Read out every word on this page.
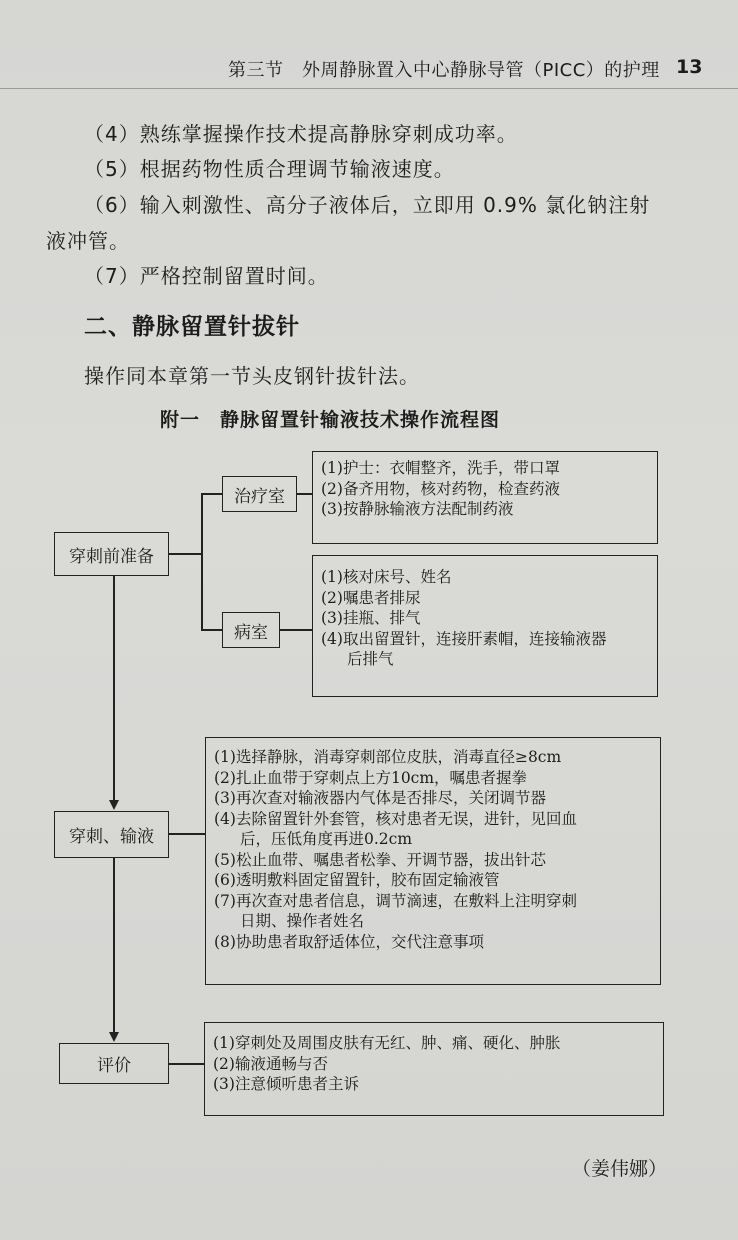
第三节　外周静脉置入中心静脉导管（PICC）的护理 13
（4）熟练掌握操作技术提高静脉穿刺成功率。
（5）根据药物性质合理调节输液速度。
（6）输入刺激性、高分子液体后，立即用 0.9% 氯化钠注射
液冲管。
（7）严格控制留置时间。
二、静脉留置针拔针
操作同本章第一节头皮钢针拔针法。
附一　静脉留置针输液技术操作流程图
穿刺前准备
治疗室
(1)护士：衣帽整齐，洗手，带口罩
(2)备齐用物，核对药物，检查药液
(3)按静脉输液方法配制药液
病室
(1)核对床号、姓名
(2)嘱患者排尿
(3)挂瓶、排气
(4)取出留置针，连接肝素帽，连接输液器
后排气
穿刺、输液
(1)选择静脉，消毒穿刺部位皮肤，消毒直径≥8cm
(2)扎止血带于穿刺点上方10cm，嘱患者握拳
(3)再次查对输液器内气体是否排尽，关闭调节器
(4)去除留置针外套管，核对患者无误，进针，见回血
后，压低角度再进0.2cm
(5)松止血带、嘱患者松拳、开调节器，拔出针芯
(6)透明敷料固定留置针，胶布固定输液管
(7)再次查对患者信息，调节滴速，在敷料上注明穿刺
日期、操作者姓名
(8)协助患者取舒适体位，交代注意事项
评价
(1)穿刺处及周围皮肤有无红、肿、痛、硬化、肿胀
(2)输液通畅与否
(3)注意倾听患者主诉
（姜伟娜）
